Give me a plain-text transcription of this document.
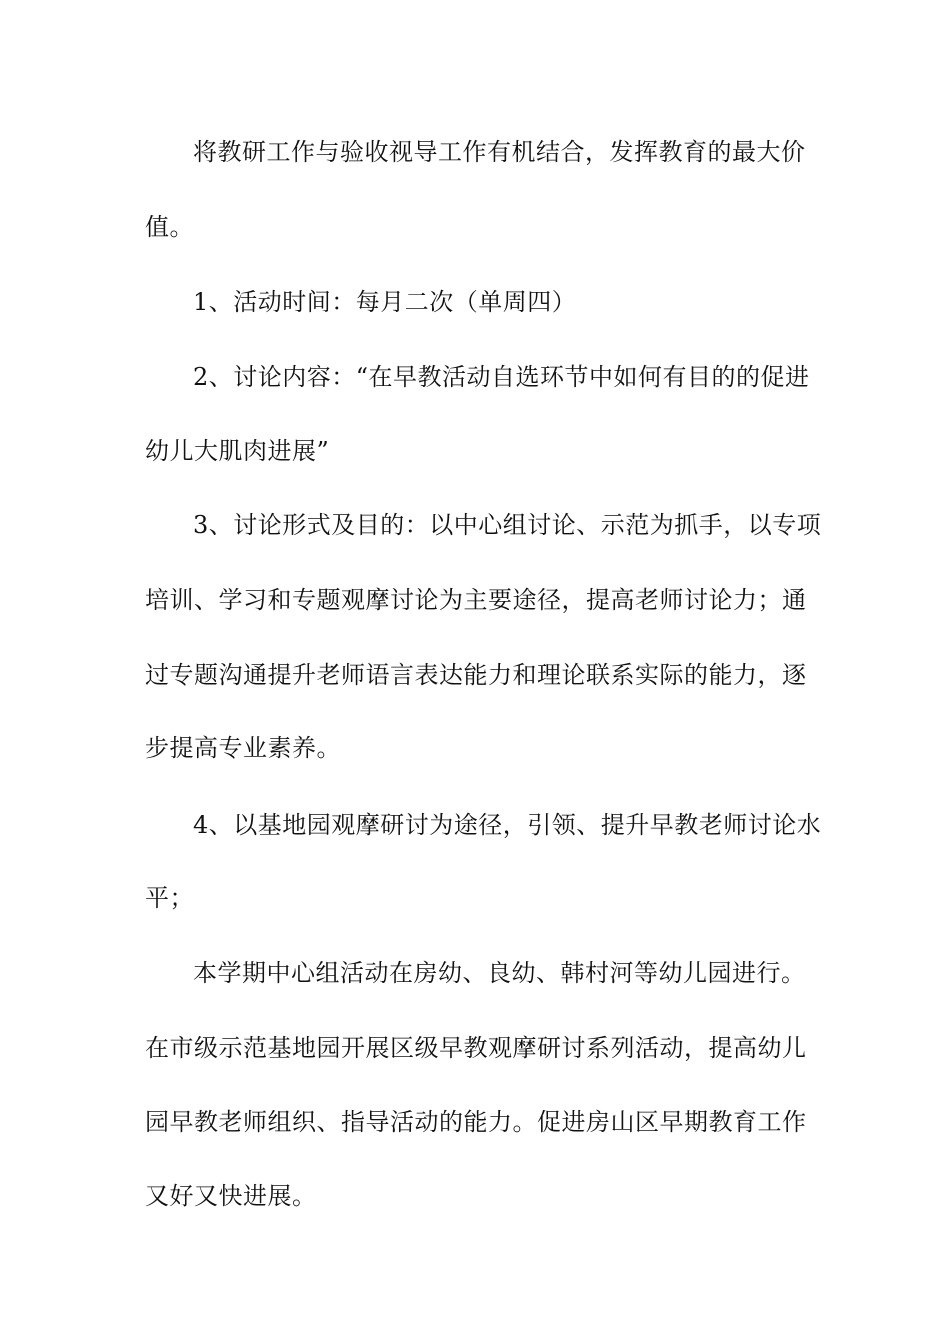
将教研工作与验收视导工作有机结合，发挥教育的最大价
值。
1、活动时间：每月二次（单周四）
2、讨论内容：“在早教活动自选环节中如何有目的的促进
幼儿大肌肉进展”
3、讨论形式及目的：以中心组讨论、示范为抓手，以专项
培训、学习和专题观摩讨论为主要途径，提高老师讨论力；通
过专题沟通提升老师语言表达能力和理论联系实际的能力，逐
步提高专业素养。
4、以基地园观摩研讨为途径，引领、提升早教老师讨论水
平；
本学期中心组活动在房幼、良幼、韩村河等幼儿园进行。
在市级示范基地园开展区级早教观摩研讨系列活动，提高幼儿
园早教老师组织、指导活动的能力。促进房山区早期教育工作
又好又快进展。
